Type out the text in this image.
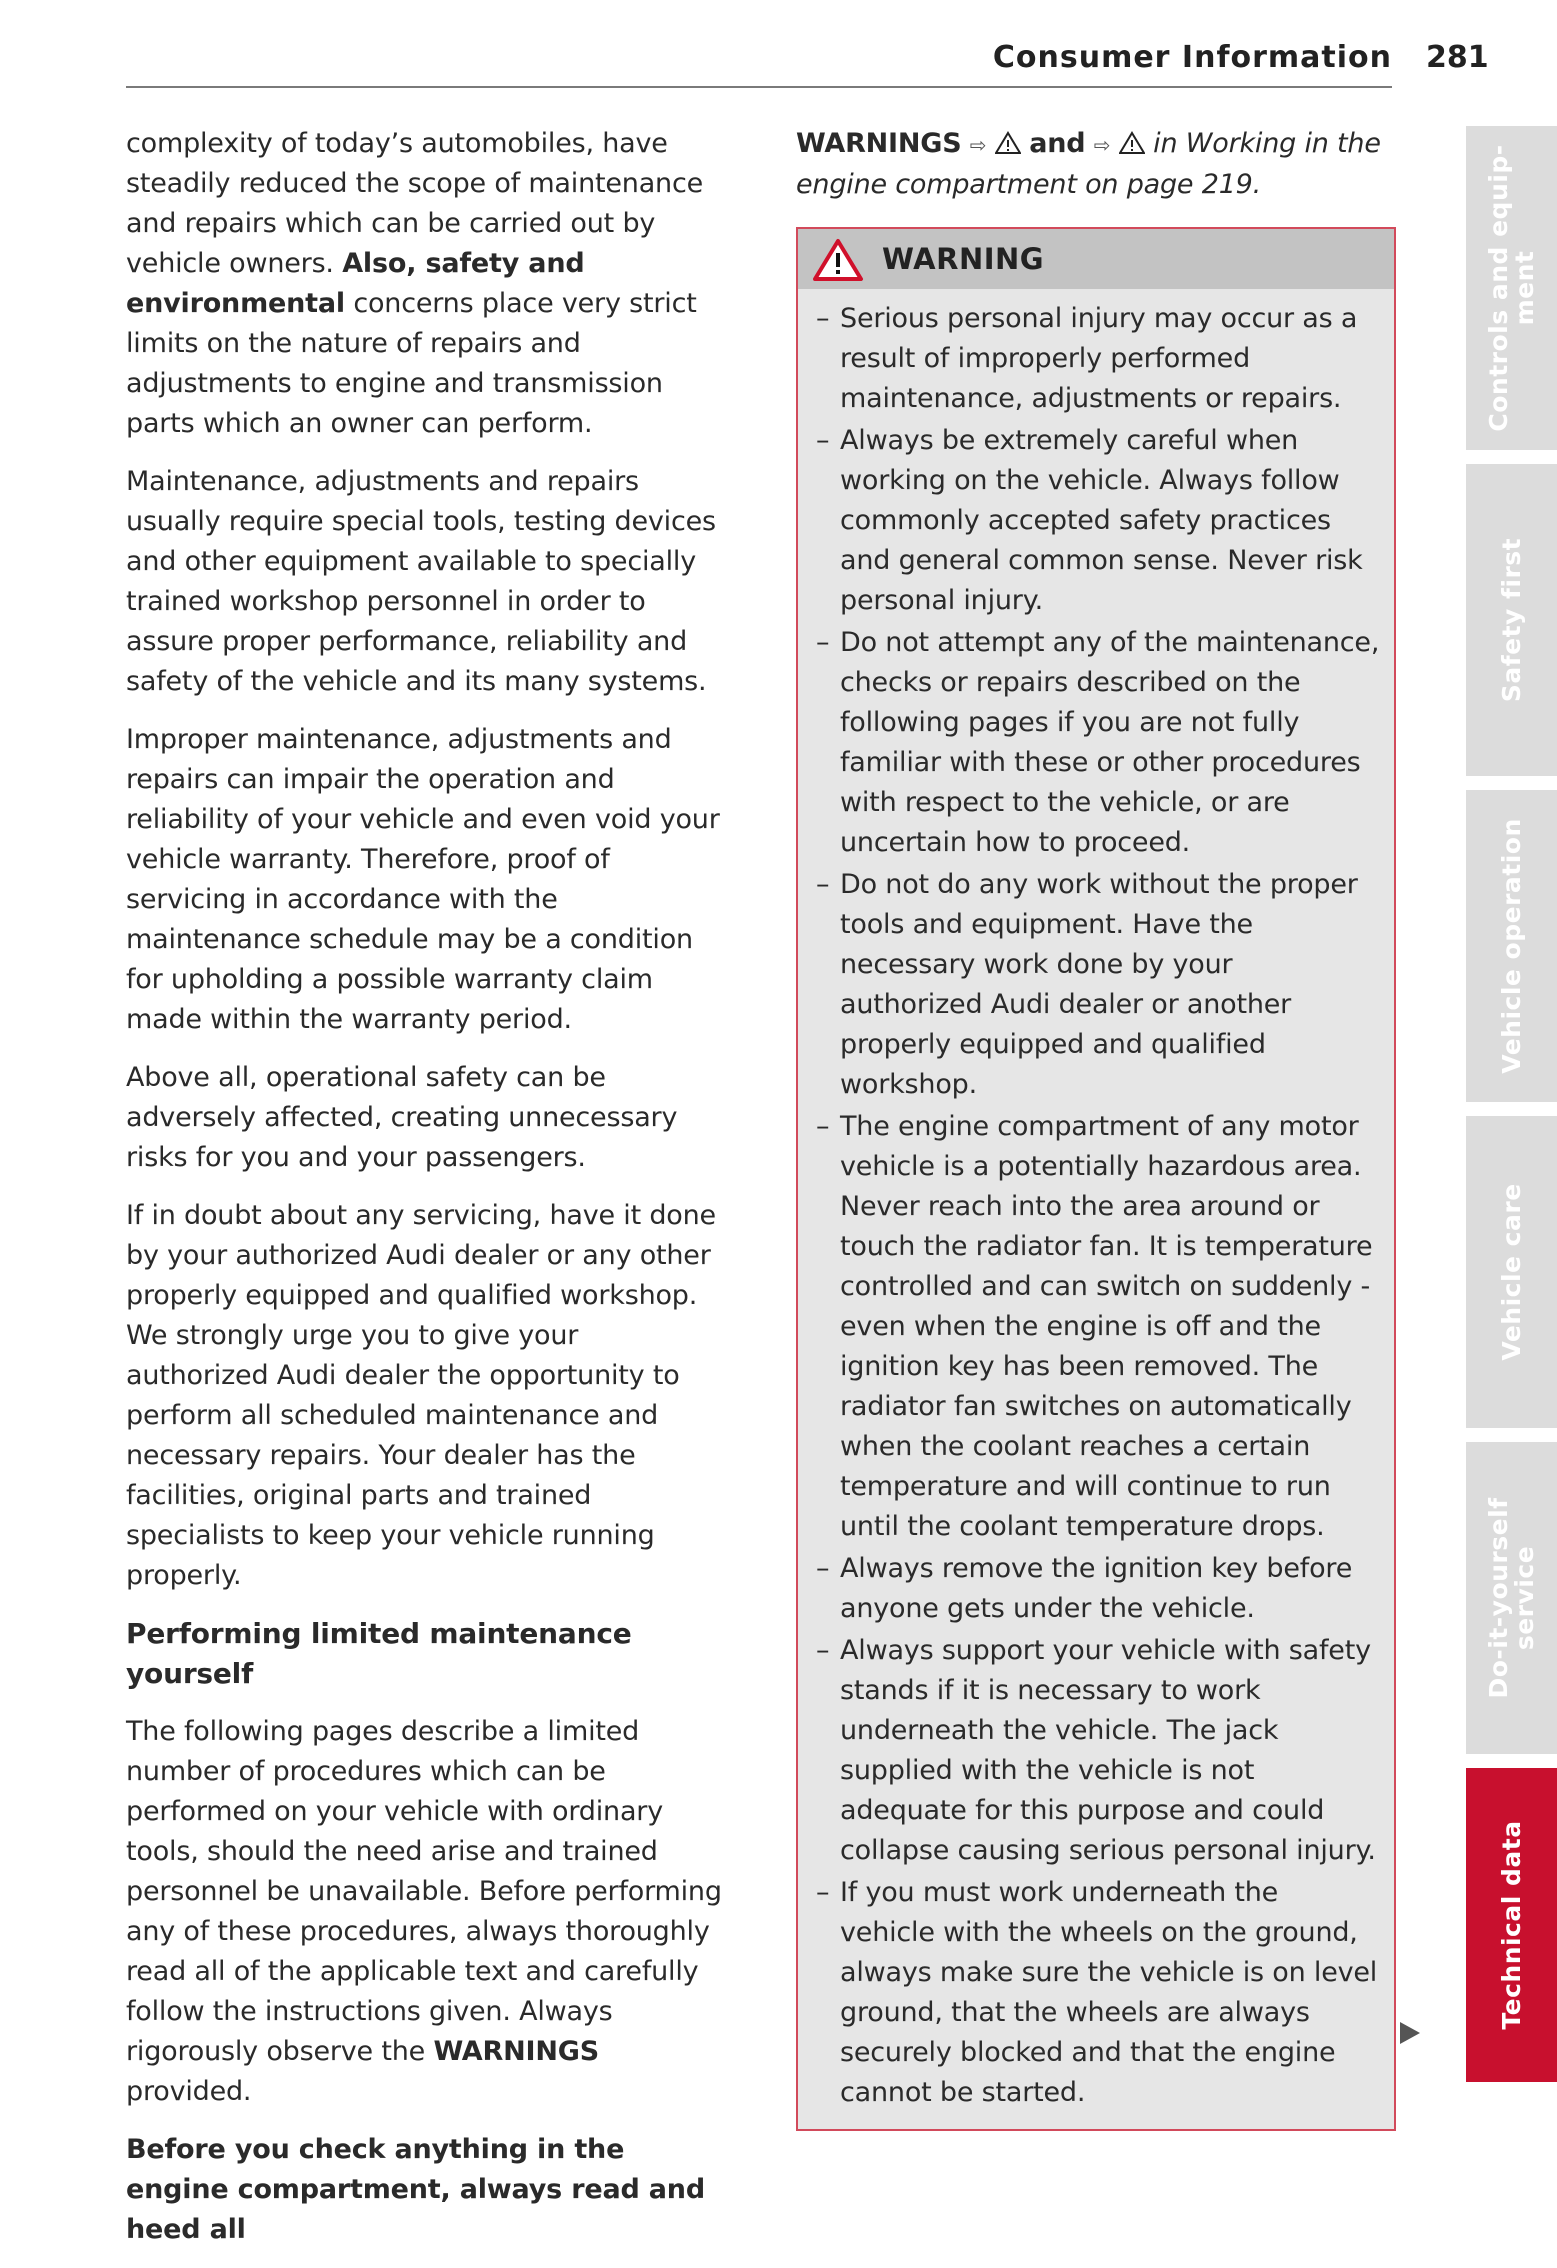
Consumer Information 281

complexity of today’s automobiles, have steadily reduced the scope of maintenance and repairs which can be carried out by vehicle owners. Also, safety and environmental concerns place very strict limits on the nature of repairs and adjustments to engine and transmission parts which an owner can perform.

Maintenance, adjustments and repairs usually require special tools, testing devices and other equipment available to specially trained workshop personnel in order to assure proper performance, reliability and safety of the vehicle and its many systems.

Improper maintenance, adjustments and repairs can impair the operation and reliability of your vehicle and even void your vehicle warranty. Therefore, proof of servicing in accordance with the maintenance schedule may be a condition for upholding a possible warranty claim made within the warranty period.

Above all, operational safety can be adversely affected, creating unnecessary risks for you and your passengers.

If in doubt about any servicing, have it done by your authorized Audi dealer or any other properly equipped and qualified workshop. We strongly urge you to give your authorized Audi dealer the opportunity to perform all scheduled maintenance and necessary repairs. Your dealer has the facilities, original parts and trained specialists to keep your vehicle running properly.

Performing limited maintenance yourself

The following pages describe a limited number of procedures which can be performed on your vehicle with ordinary tools, should the need arise and trained personnel be unavailable. Before performing any of these procedures, always thoroughly read all of the applicable text and carefully follow the instructions given. Always rigorously observe the WARNINGS provided.

Before you check anything in the engine compartment, always read and heed all

WARNINGS ⇨ and ⇨ in Working in the engine compartment on page 219.

WARNING
– Serious personal injury may occur as a result of improperly performed maintenance, adjustments or repairs.
– Always be extremely careful when working on the vehicle. Always follow commonly accepted safety practices and general common sense. Never risk personal injury.
– Do not attempt any of the maintenance, checks or repairs described on the following pages if you are not fully familiar with these or other procedures with respect to the vehicle, or are uncertain how to proceed.
– Do not do any work without the proper tools and equipment. Have the necessary work done by your authorized Audi dealer or another properly equipped and qualified workshop.
– The engine compartment of any motor vehicle is a potentially hazardous area. Never reach into the area around or touch the radiator fan. It is temperature controlled and can switch on suddenly - even when the engine is off and the ignition key has been removed. The radiator fan switches on automatically when the coolant reaches a certain temperature and will continue to run until the coolant temperature drops.
– Always remove the ignition key before anyone gets under the vehicle.
– Always support your vehicle with safety stands if it is necessary to work underneath the vehicle. The jack supplied with the vehicle is not adequate for this purpose and could collapse causing serious personal injury.
– If you must work underneath the vehicle with the wheels on the ground, always make sure the vehicle is on level ground, that the wheels are always securely blocked and that the engine cannot be started.
Controls and equip-
ment
Safety first
Vehicle operation
Vehicle care
Do-it-yourself
service
Technical data
